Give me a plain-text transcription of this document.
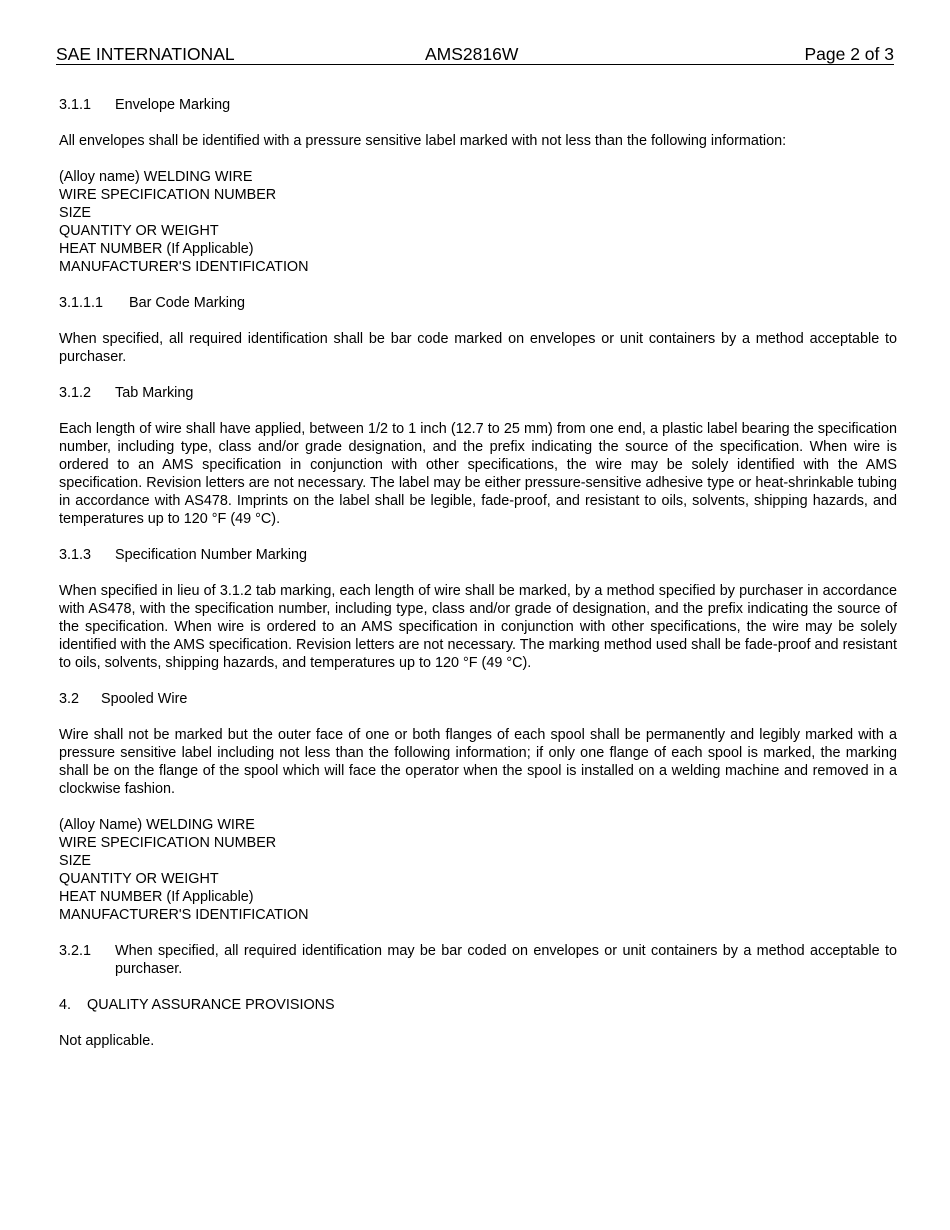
SAE INTERNATIONAL	AMS2816W	Page 2 of 3
3.1.1 Envelope Marking
All envelopes shall be identified with a pressure sensitive label marked with not less than the following information:
(Alloy name) WELDING WIRE
WIRE SPECIFICATION NUMBER
SIZE
QUANTITY OR WEIGHT
HEAT NUMBER (If Applicable)
MANUFACTURER'S IDENTIFICATION
3.1.1.1 Bar Code Marking
When specified, all required identification shall be bar code marked on envelopes or unit containers by a method acceptable to purchaser.
3.1.2 Tab Marking
Each length of wire shall have applied, between 1/2 to 1 inch (12.7 to 25 mm) from one end, a plastic label bearing the specification number, including type, class and/or grade designation, and the prefix indicating the source of the specification. When wire is ordered to an AMS specification in conjunction with other specifications, the wire may be solely identified with the AMS specification. Revision letters are not necessary. The label may be either pressure-sensitive adhesive type or heat-shrinkable tubing in accordance with AS478. Imprints on the label shall be legible, fade-proof, and resistant to oils, solvents, shipping hazards, and temperatures up to 120 °F (49 °C).
3.1.3 Specification Number Marking
When specified in lieu of 3.1.2 tab marking, each length of wire shall be marked, by a method specified by purchaser in accordance with AS478, with the specification number, including type, class and/or grade of designation, and the prefix indicating the source of the specification. When wire is ordered to an AMS specification in conjunction with other specifications, the wire may be solely identified with the AMS specification. Revision letters are not necessary. The marking method used shall be fade-proof and resistant to oils, solvents, shipping hazards, and temperatures up to 120 °F (49 °C).
3.2 Spooled Wire
Wire shall not be marked but the outer face of one or both flanges of each spool shall be permanently and legibly marked with a pressure sensitive label including not less than the following information; if only one flange of each spool is marked, the marking shall be on the flange of the spool which will face the operator when the spool is installed on a welding machine and removed in a clockwise fashion.
(Alloy Name) WELDING WIRE
WIRE SPECIFICATION NUMBER
SIZE
QUANTITY OR WEIGHT
HEAT NUMBER (If Applicable)
MANUFACTURER'S IDENTIFICATION
3.2.1	When specified, all required identification may be bar coded on envelopes or unit containers by a method acceptable to purchaser.
4. QUALITY ASSURANCE PROVISIONS
Not applicable.
